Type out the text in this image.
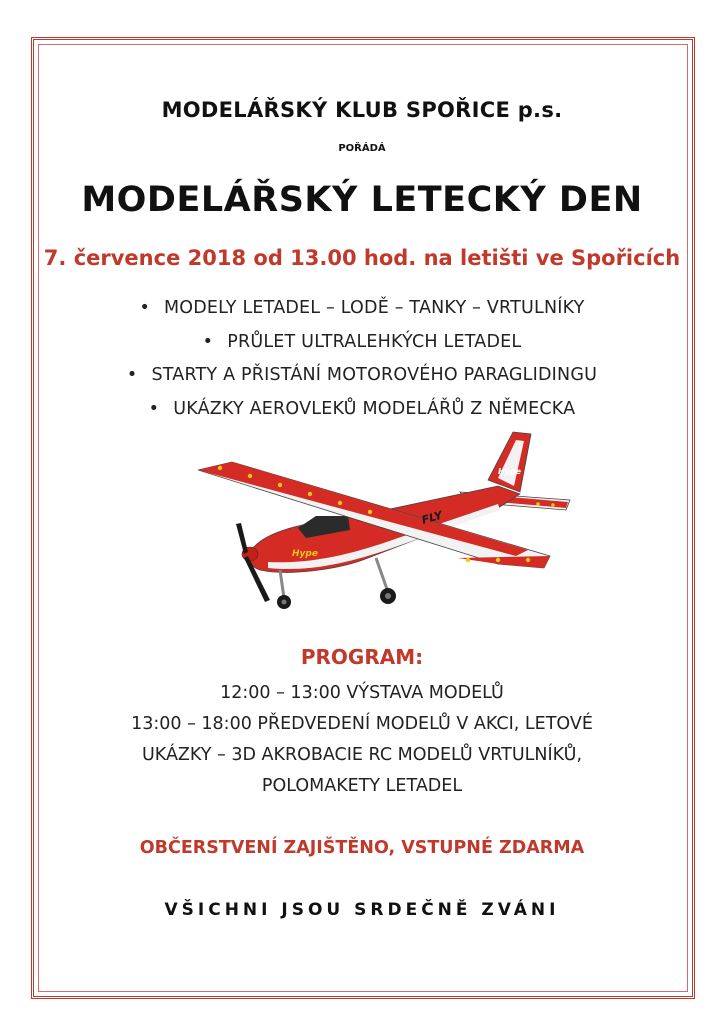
MODELÁŘSKÝ KLUB SPOŘICE p.s.
POŘÁDÁ
MODELÁŘSKÝ LETECKÝ DEN
7. července 2018 od 13.00 hod. na letišti ve Spořicích
• MODELY LETADEL – LODĚ – TANKY – VRTULNÍKY
• PRŮLET ULTRALEHKÝCH LETADEL
• STARTY A PŘISTÁNÍ MOTOROVÉHO PARAGLIDINGU
• UKÁZKY AEROVLEKŮ MODELÁŘŮ Z NĚMECKA
Hype
Hype
FLY
PROGRAM:
12:00 – 13:00 VÝSTAVA MODELŮ
13:00 – 18:00 PŘEDVEDENÍ MODELŮ V AKCI, LETOVÉ
UKÁZKY – 3D AKROBACIE RC MODELŮ VRTULNÍKŮ,
POLOMAKETY LETADEL
OBČERSTVENÍ ZAJIŠTĚNO, VSTUPNÉ ZDARMA
VŠICHNI JSOU SRDEČNĚ ZVÁNI
